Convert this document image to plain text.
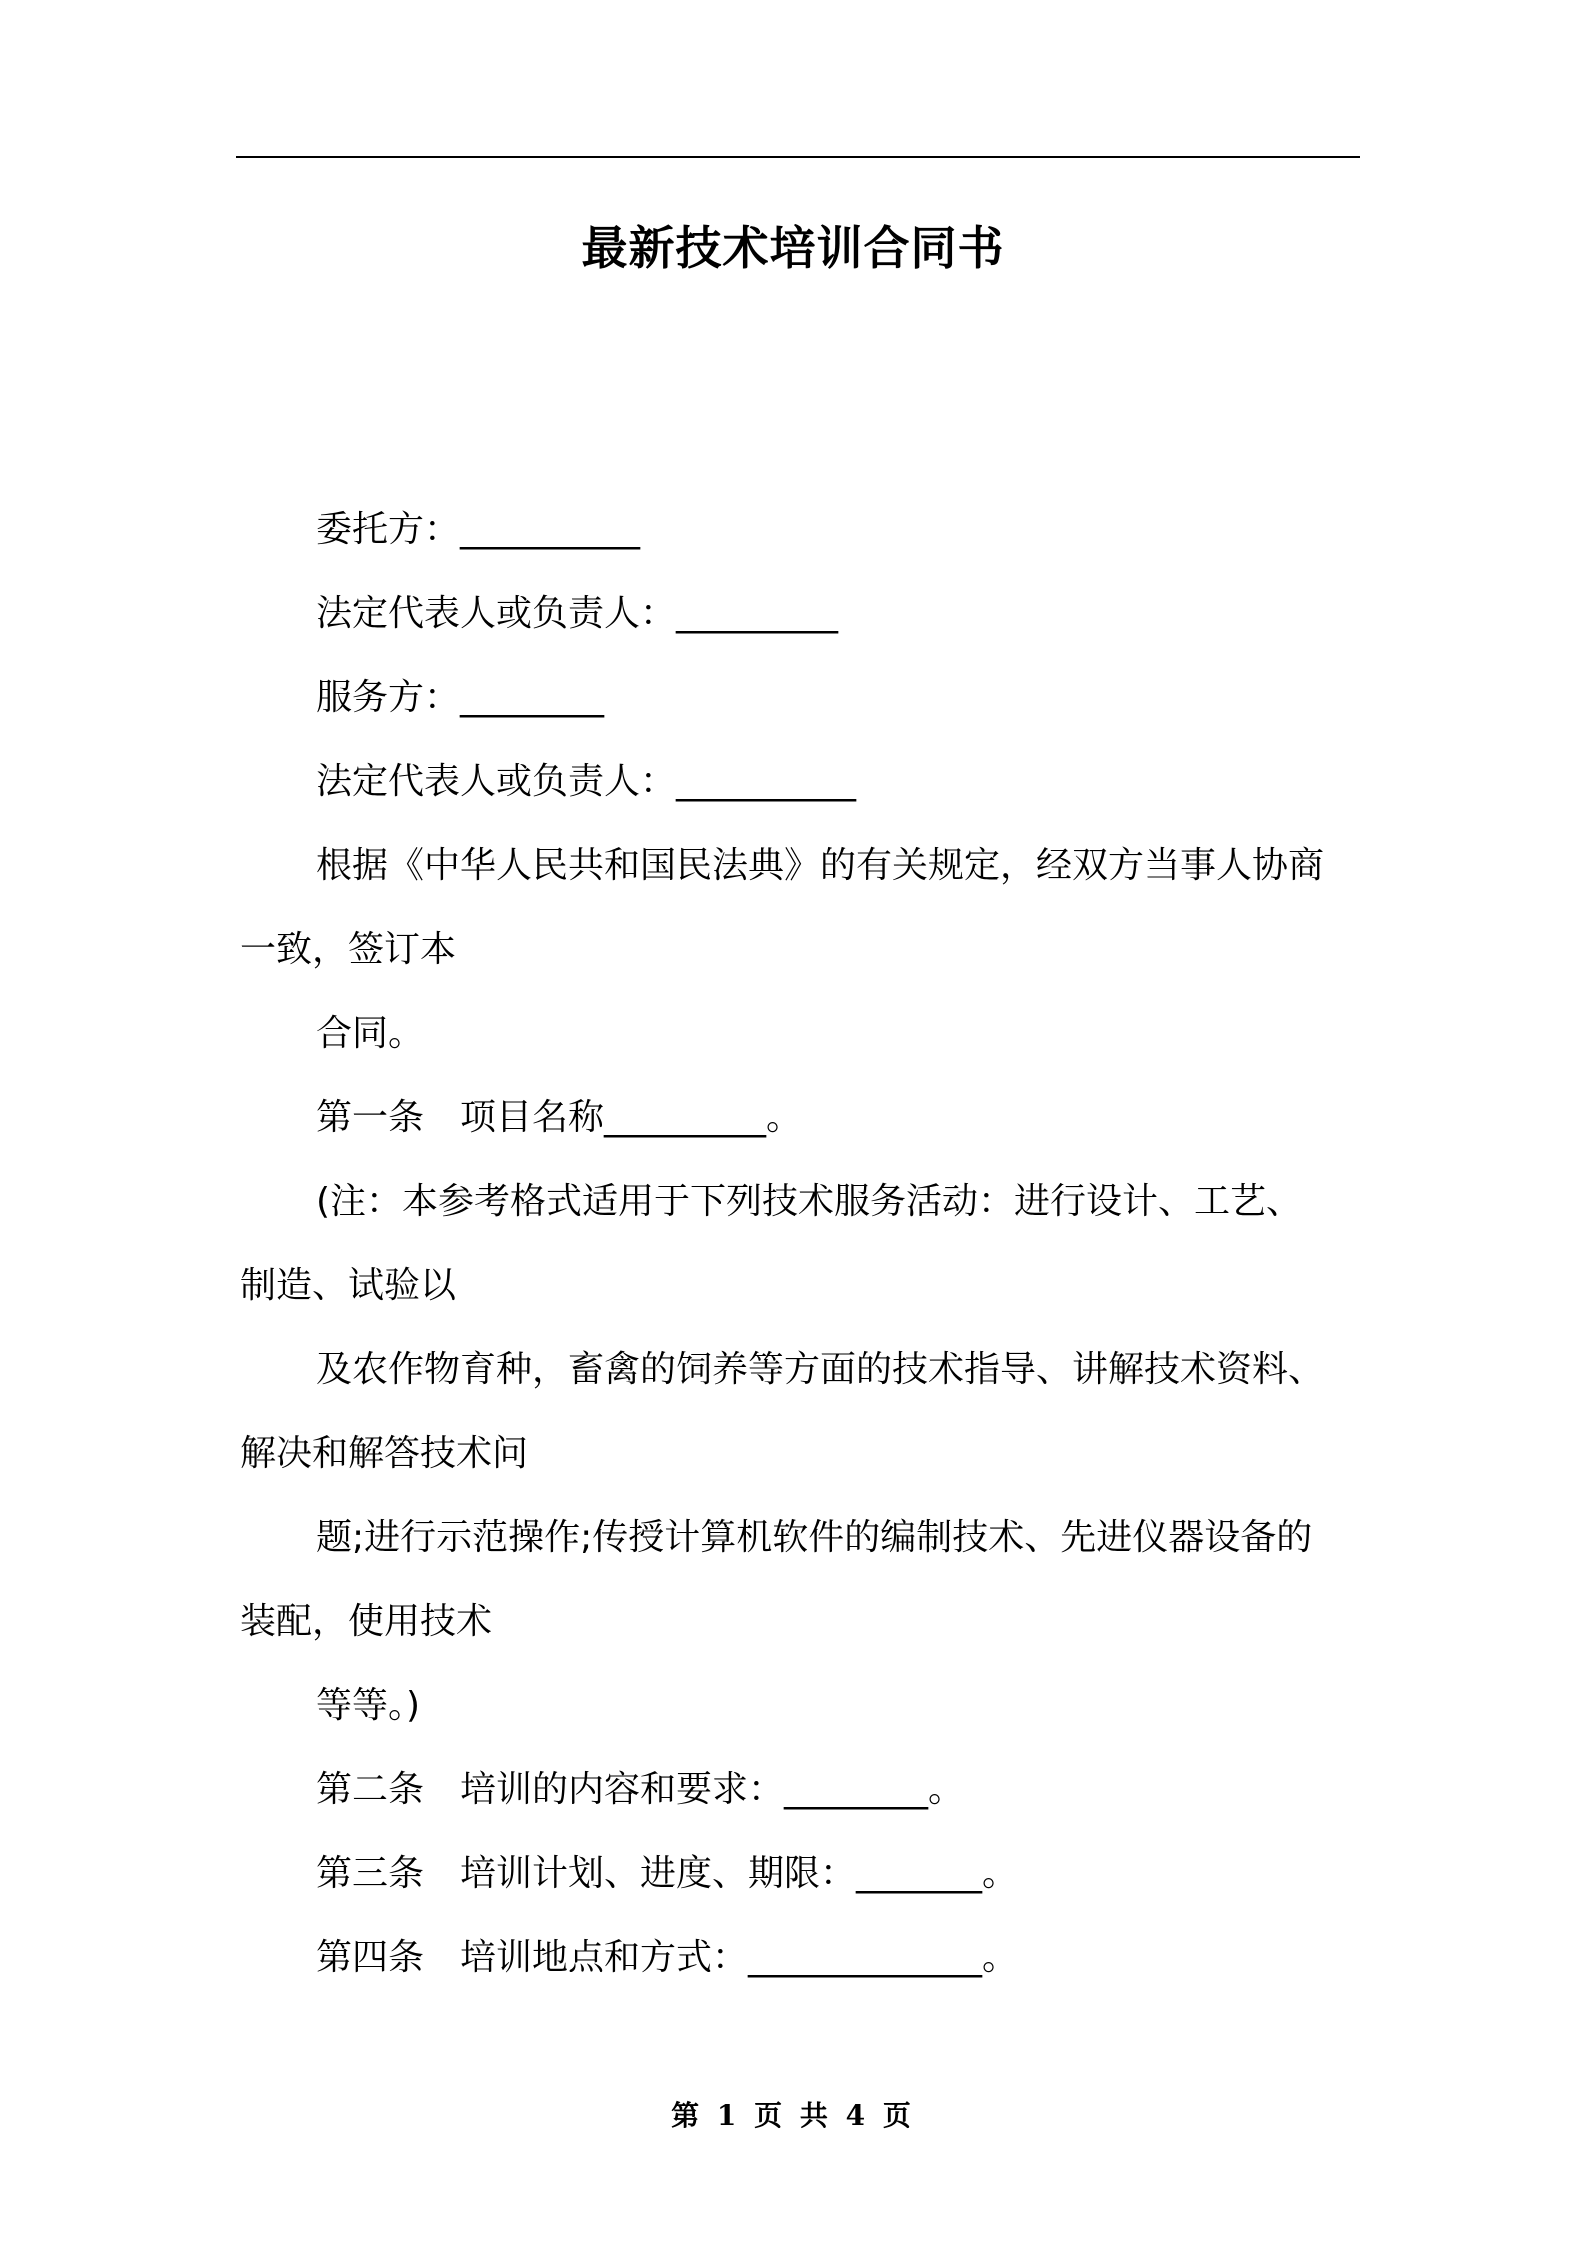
最新技术培训合同书

委托方：__________

法定代表人或负责人：_________

服务方：________

法定代表人或负责人：__________

根据《中华人民共和国民法典》的有关规定，经双方当事人协商

一致，签订本

合同。

第一条　项目名称_________。

(注：本参考格式适用于下列技术服务活动：进行设计、工艺、

制造、试验以

及农作物育种，畜禽的饲养等方面的技术指导、讲解技术资料、

解决和解答技术问

题;进行示范操作;传授计算机软件的编制技术、先进仪器设备的

装配，使用技术

等等。)

第二条　培训的内容和要求：________。

第三条　培训计划、进度、期限：_______。

第四条　培训地点和方式：_____________。

第 1 页 共 4 页
